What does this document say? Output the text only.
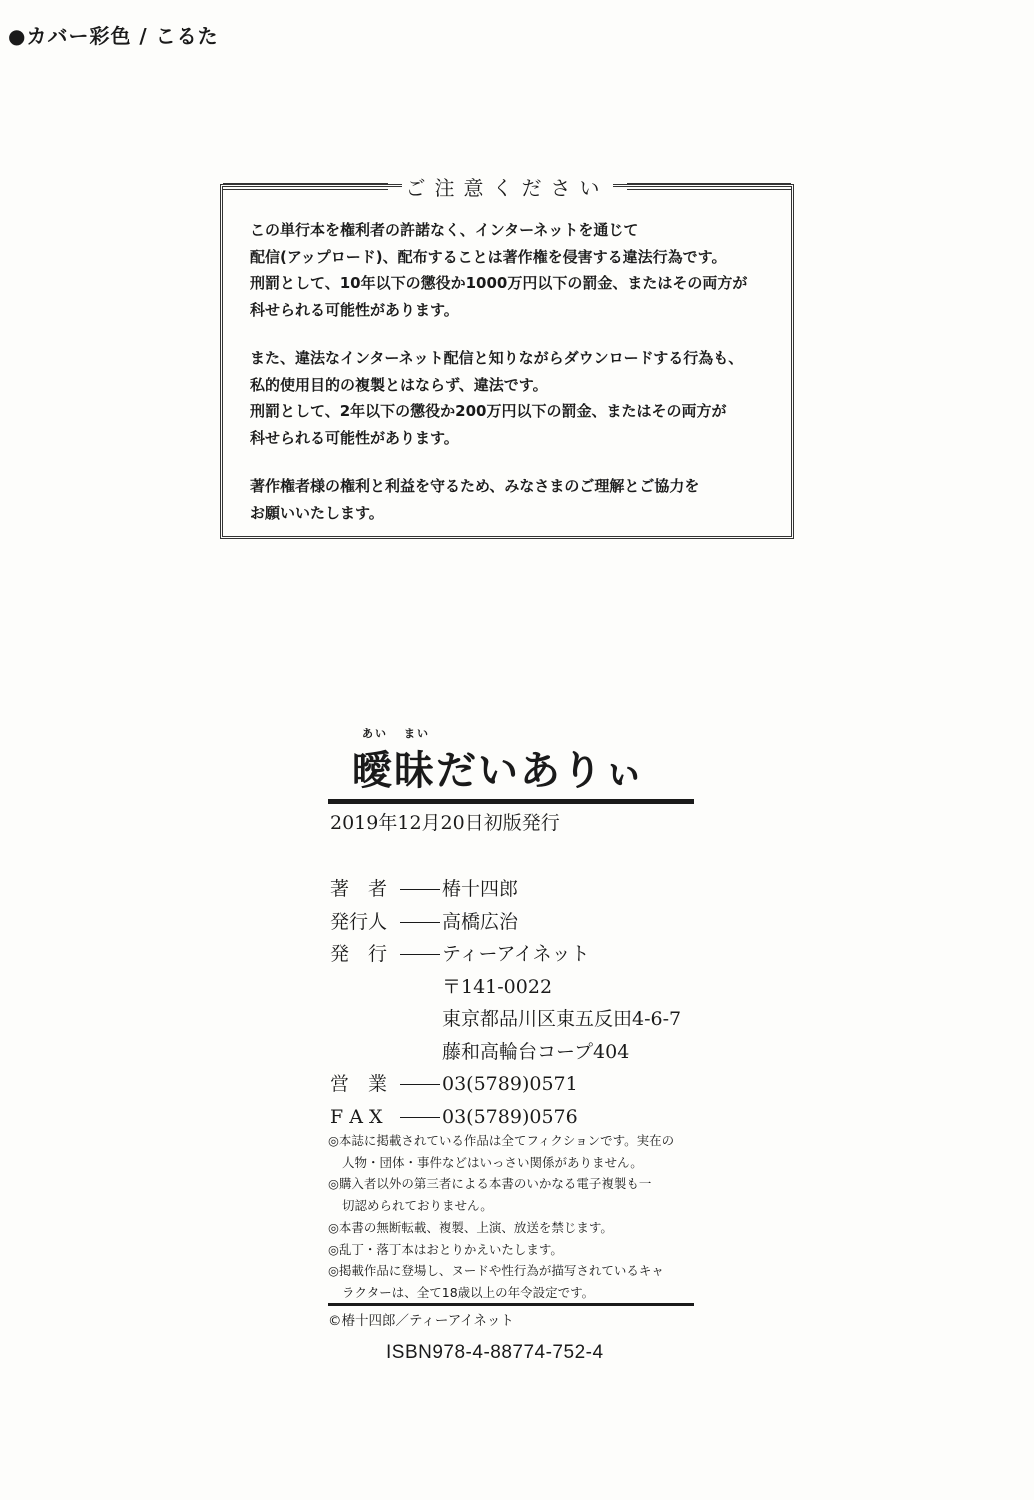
●カバー彩色 / こるた
ご注意ください

この単行本を権利者の許諾なく、インターネットを通じて
配信(アップロード)、配布することは著作権を侵害する違法行為です。
刑罰として、10年以下の懲役か1000万円以下の罰金、またはその両方が
科せられる可能性があります。

また、違法なインターネット配信と知りながらダウンロードする行為も、
私的使用目的の複製とはならず、違法です。
刑罰として、2年以下の懲役か200万円以下の罰金、またはその両方が
科せられる可能性があります。

著作権者様の権利と利益を守るため、みなさまのご理解とご協力を
お願いいたします。

あい まい
曖昧だいありぃ
2019年12月20日初版発行
著　者	椿十四郎
発行人	高橋広治
発　行	ティーアイネット
〒141-0022
東京都品川区東五反田4-6-7
藤和高輪台コープ404
営　業	03(5789)0571
F A X	03(5789)0576
◎本誌に掲載されている作品は全てフィクションです。実在の
人物・団体・事件などはいっさい関係がありません。
◎購入者以外の第三者による本書のいかなる電子複製も一
切認められておりません。
◎本書の無断転載、複製、上演、放送を禁じます。
◎乱丁・落丁本はおとりかえいたします。
◎掲載作品に登場し、ヌードや性行為が描写されているキャ
ラクターは、全て18歳以上の年令設定です。
©椿十四郎／ティーアイネット
ISBN978-4-88774-752-4
